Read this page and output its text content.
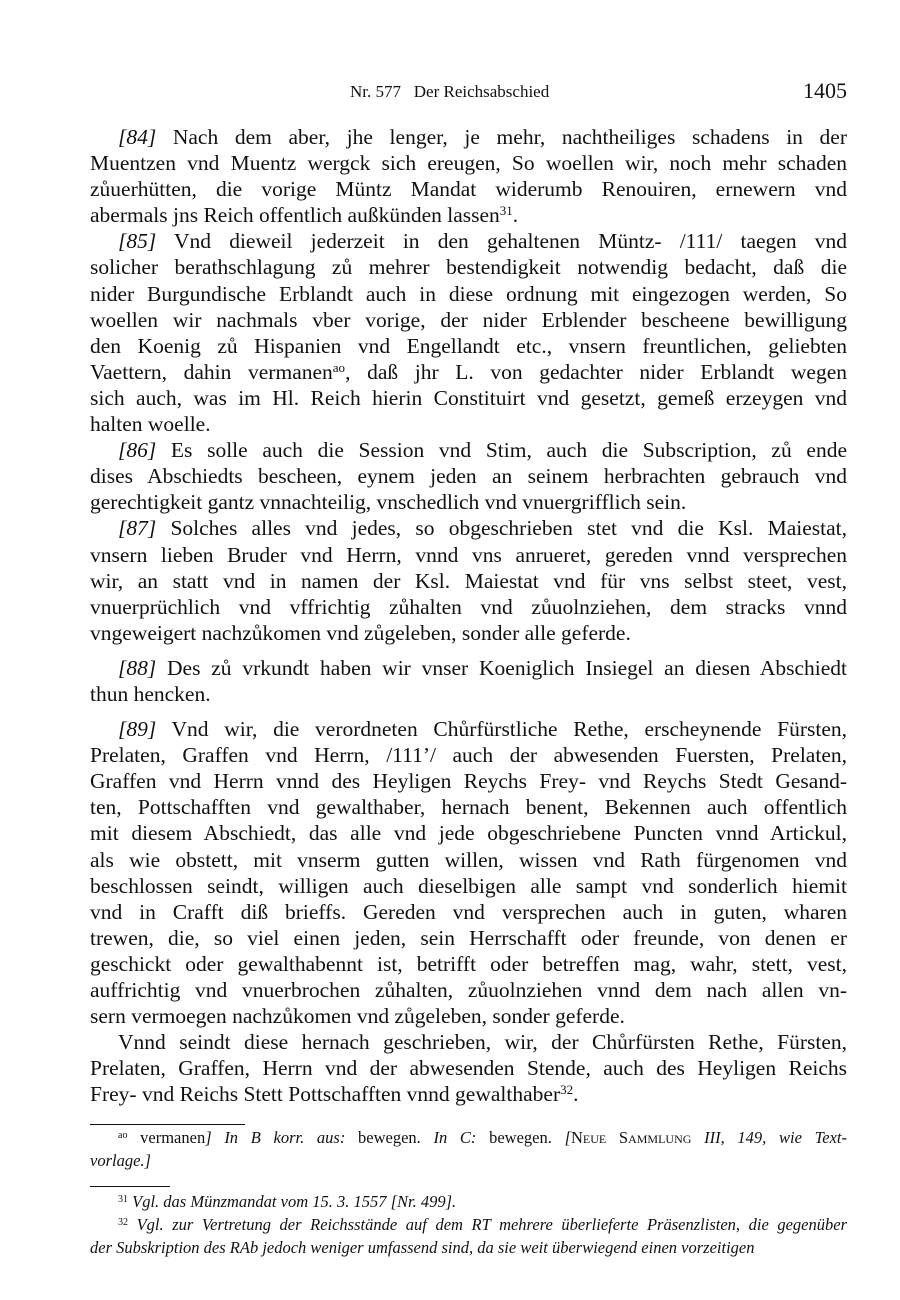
Nr. 577   Der Reichsabschied	1405
[84] Nach dem aber, jhe lenger, je mehr, nachtheiliges schadens in der
Muentzen vnd Muentz wergck sich ereugen, So woellen wir, noch mehr schaden
zůuerhütten, die vorige Müntz Mandat widerumb Renouiren, ernewern vnd
abermals jns Reich offentlich außkünden lassen$^{31}$.
[85] Vnd dieweil jederzeit in den gehaltenen Müntz- /111/ taegen vnd
solicher berathschlagung zů mehrer bestendigkeit notwendig bedacht, daß die
nider Burgundische Erblandt auch in diese ordnung mit eingezogen werden, So
woellen wir nachmals vber vorige, der nider Erblender bescheene bewilligung
den Koenig zů Hispanien vnd Engellandt etc., vnsern freuntlichen, geliebten
Vaettern, dahin vermanen$^{ao}$, daß jhr L. von gedachter nider Erblandt wegen
sich auch, was im Hl. Reich hierin Constituirt vnd gesetzt, gemeß erzeygen vnd
halten woelle.
[86] Es solle auch die Session vnd Stim, auch die Subscription, zů ende
dises Abschiedts bescheen, eynem jeden an seinem herbrachten gebrauch vnd
gerechtigkeit gantz vnnachteilig, vnschedlich vnd vnuergrifflich sein.
[87] Solches alles vnd jedes, so obgeschrieben stet vnd die Ksl. Maiestat,
vnsern lieben Bruder vnd Herrn, vnnd vns anrueret, gereden vnnd versprechen
wir, an statt vnd in namen der Ksl. Maiestat vnd für vns selbst steet, vest,
vnuerprüchlich vnd vffrichtig zůhalten vnd zůuolnziehen, dem stracks vnnd
vngeweigert nachzůkomen vnd zůgeleben, sonder alle geferde.
[88] Des zů vrkundt haben wir vnser Koeniglich Insiegel an diesen Abschiedt
thun hencken.
[89] Vnd wir, die verordneten Chůrfürstliche Rethe, erscheynende Fürsten,
Prelaten, Graffen vnd Herrn, /111’/ auch der abwesenden Fuersten, Prelaten,
Graffen vnd Herrn vnnd des Heyligen Reychs Frey- vnd Reychs Stedt Gesand-
ten, Pottschafften vnd gewalthaber, hernach benent, Bekennen auch offentlich
mit diesem Abschiedt, das alle vnd jede obgeschriebene Puncten vnnd Artickul,
als wie obstett, mit vnserm gutten willen, wissen vnd Rath fürgenomen vnd
beschlossen seindt, willigen auch dieselbigen alle sampt vnd sonderlich hiemit
vnd in Crafft diß brieffs. Gereden vnd versprechen auch in guten, wharen
trewen, die, so viel einen jeden, sein Herrschafft oder freunde, von denen er
geschickt oder gewalthabennt ist, betrifft oder betreffen mag, wahr, stett, vest,
auffrichtig vnd vnuerbrochen zůhalten, zůuolnziehen vnnd dem nach allen vn-
sern vermoegen nachzůkomen vnd zůgeleben, sonder geferde.
Vnnd seindt diese hernach geschrieben, wir, der Chůrfürsten Rethe, Fürsten,
Prelaten, Graffen, Herrn vnd der abwesenden Stende, auch des Heyligen Reichs
Frey- vnd Reichs Stett Pottschafften vnnd gewalthaber$^{32}$.
$^{ao}$ vermanen] In B korr. aus: bewegen. In C: bewegen. [Neue Sammlung III, 149, wie Text-
vorlage.]
$^{31}$ Vgl. das Münzmandat vom 15. 3. 1557 [Nr. 499].
$^{32}$ Vgl. zur Vertretung der Reichsstände auf dem RT mehrere überlieferte Präsenzlisten, die gegenüber
der Subskription des RAb jedoch weniger umfassend sind, da sie weit überwiegend einen vorzeitigen
